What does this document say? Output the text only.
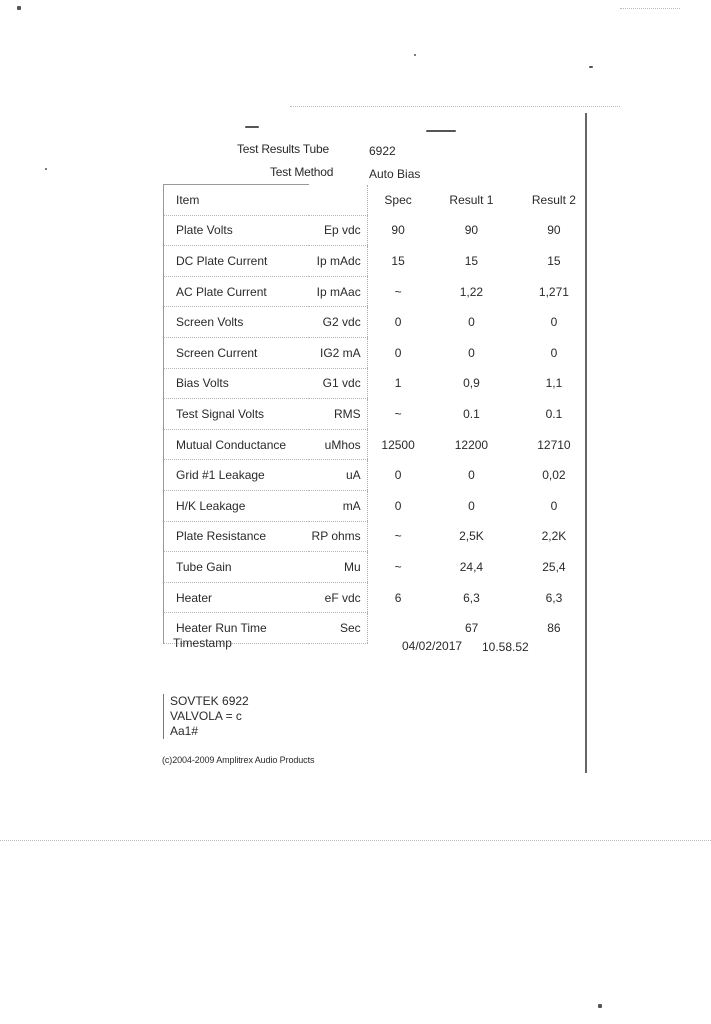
Test Results Tube	6922
Test Method	Auto Bias
Item		Spec	Result 1	Result 2
Plate Volts	Ep vdc	90	90	90
DC Plate Current	Ip mAdc	15	15	15
AC Plate Current	Ip mAac	~	1,22	1,271
Screen Volts	G2 vdc	0	0	0
Screen Current	IG2 mA	0	0	0
Bias Volts	G1 vdc	1	0,9	1,1
Test Signal Volts	RMS	~	0.1	0.1
Mutual Conductance	uMhos	12500	12200	12710
Grid #1 Leakage	uA	0	0	0,02
H/K Leakage	mA	0	0	0
Plate Resistance	RP ohms	~	2,5K	2,2K
Tube Gain	Mu	~	24,4	25,4
Heater	eF vdc	6	6,3	6,3
Heater Run Time	Sec		67	86
Timestamp	04/02/2017 10.58.52
SOVTEK 6922
VALVOLA = c
Aa1#
(c)2004-2009 Amplitrex Audio Products
